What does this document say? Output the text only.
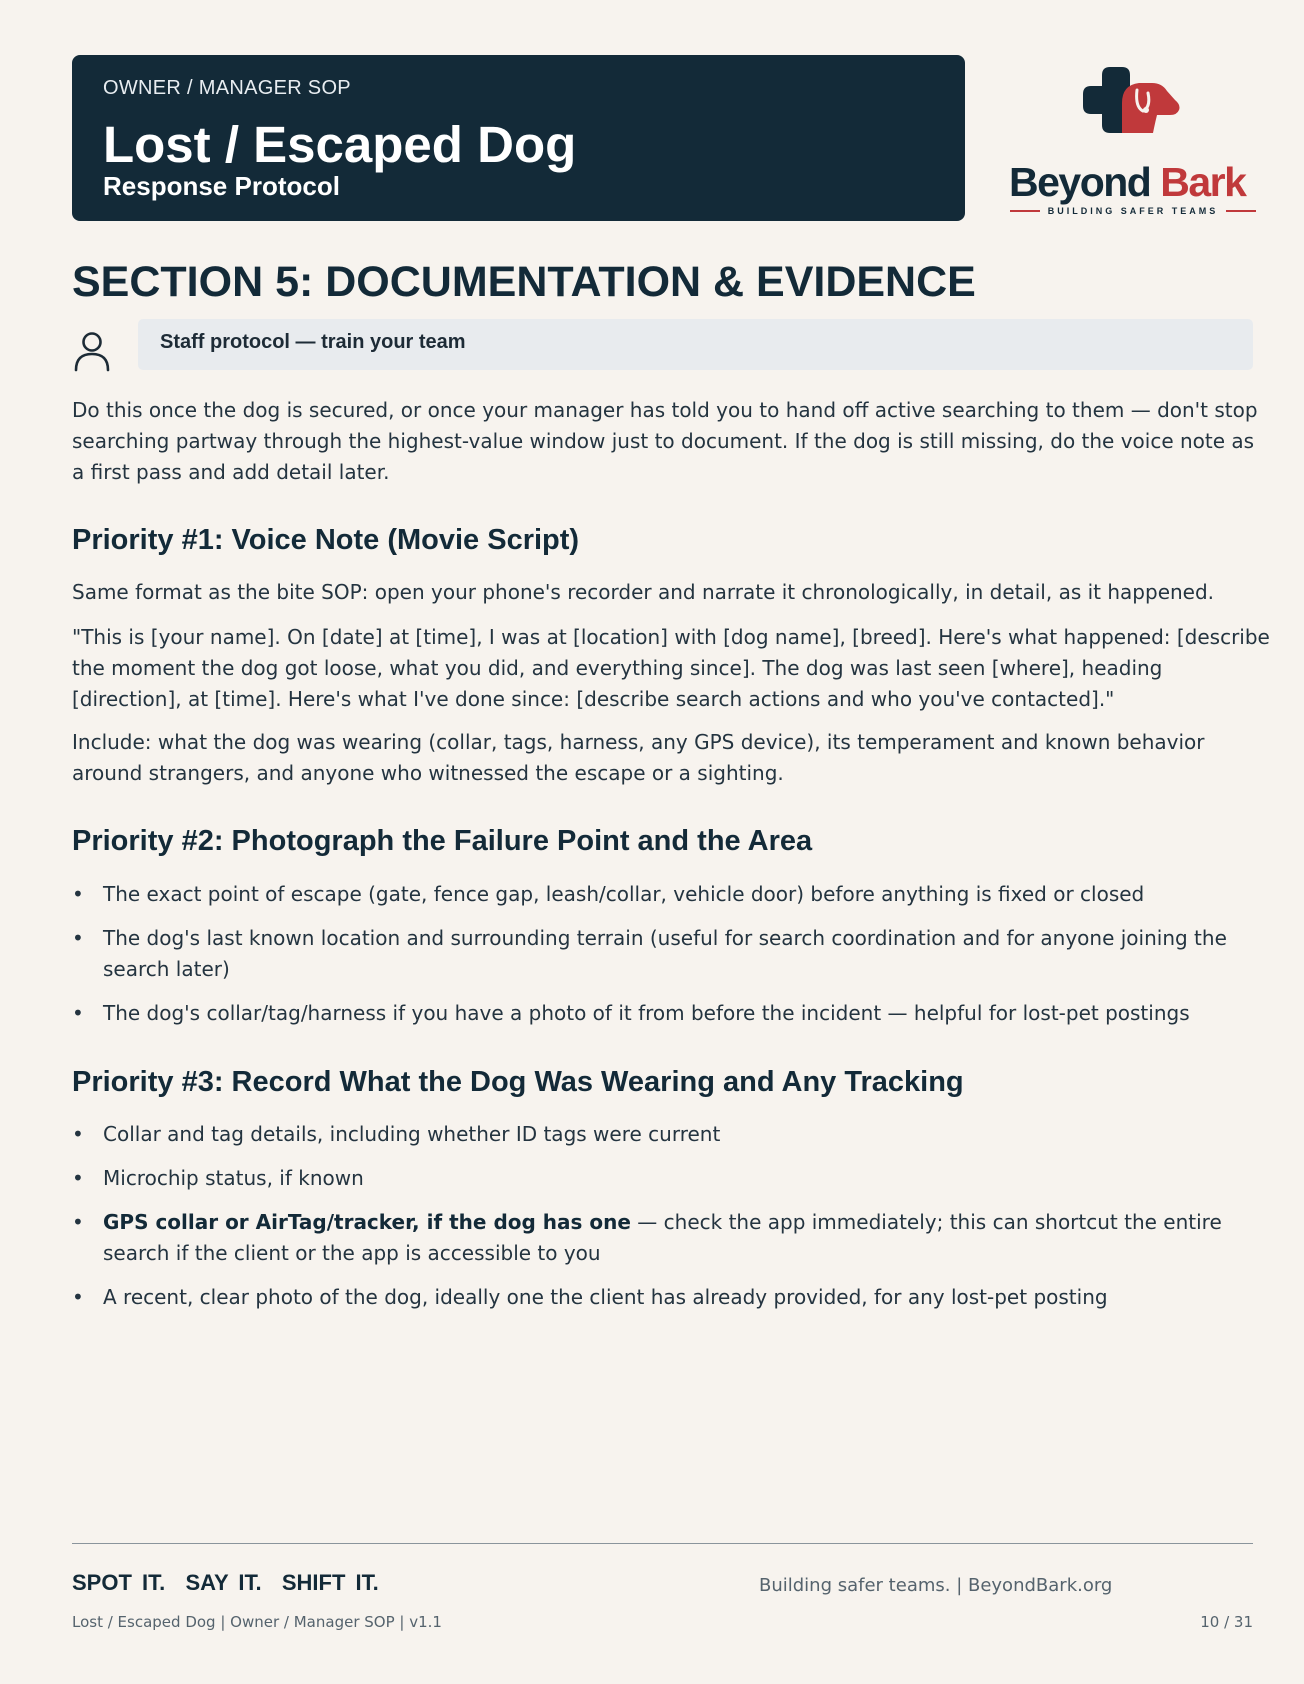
OWNER / MANAGER SOP
Lost / Escaped Dog
Response Protocol	Beyond Bark
BUILDING SAFER TEAMS
SECTION 5: DOCUMENTATION & EVIDENCE
Staff protocol — train your team

Do this once the dog is secured, or once your manager has told you to hand off active searching to them — don't stop searching partway through the highest-value window just to document. If the dog is still missing, do the voice note as a first pass and add detail later.

Priority #1: Voice Note (Movie Script)

Same format as the bite SOP: open your phone's recorder and narrate it chronologically, in detail, as it happened.

"This is [your name]. On [date] at [time], I was at [location] with [dog name], [breed]. Here's what happened: [describe the moment the dog got loose, what you did, and everything since]. The dog was last seen [where], heading [direction], at [time]. Here's what I've done since: [describe search actions and who you've contacted]."

Include: what the dog was wearing (collar, tags, harness, any GPS device), its temperament and known behavior around strangers, and anyone who witnessed the escape or a sighting.

Priority #2: Photograph the Failure Point and the Area
• The exact point of escape (gate, fence gap, leash/collar, vehicle door) before anything is fixed or closed
• The dog's last known location and surrounding terrain (useful for search coordination and for anyone joining the search later)
• The dog's collar/tag/harness if you have a photo of it from before the incident — helpful for lost-pet postings
Priority #3: Record What the Dog Was Wearing and Any Tracking
• Collar and tag details, including whether ID tags were current
• Microchip status, if known
• GPS collar or AirTag/tracker, if the dog has one — check the app immediately; this can shortcut the entire search if the client or the app is accessible to you
• A recent, clear photo of the dog, ideally one the client has already provided, for any lost-pet posting
SPOT IT.  SAY IT.  SHIFT IT.	Building safer teams. | BeyondBark.org
Lost / Escaped Dog | Owner / Manager SOP | v1.1	10 / 31
